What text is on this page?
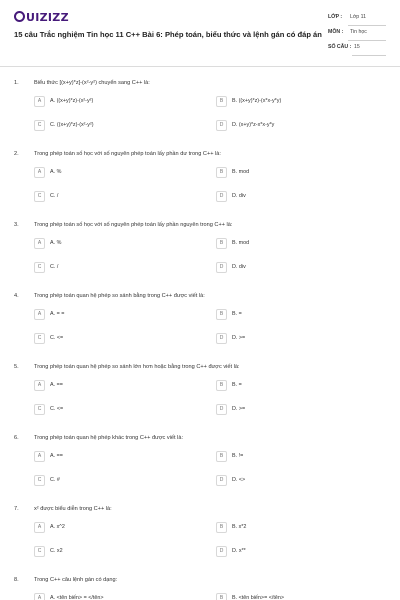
UIZIZZ
15 câu Trắc nghiệm Tin học 11 C++ Bài 6: Phép toán, biểu thức và lệnh gán có đáp án
LỚP : Lớp 11
MÔN : Tin học
SỐ CÂU : 15
1.	Biểu thức [(x+y)*z]-(x²-y²) chuyển sang C++ là:
A	A. ((x+y)*z)-(x²-y²)	B	B. ((x+y)*z)-(x*x-y*y)
C	C. ((x+y)*z)-(x²-y²)	D	D. (x+y)*z-x*x-y*y
2.	Trong phép toán số học với số nguyên phép toán lấy phần dư trong C++ là:
A	A. %	B	B. mod
C	C. /	D	D. div
3.	Trong phép toán số học với số nguyên phép toán lấy phần nguyên trong C++ là:
A	A. %	B	B. mod
C	C. /	D	D. div
4.	Trong phép toán quan hệ phép so sánh bằng trong C++ được viết là:
A	A. = =	B	B. =
C	C. <=	D	D. >=
5.	Trong phép toán quan hệ phép so sánh lớn hơn hoặc bằng trong C++ được viết là:
A	A. ==	B	B. =
C	C. <=	D	D. >=
6.	Trong phép toán quan hệ phép khác trong C++ được viết là:
A	A. ==	B	B. !=
C	C. #	D	D. <>
7.	x² được biểu diễn trong C++ là:
A	A. x^2	B	B. x*2
C	C. x2	D	D. x**
8.	Trong C++ câu lệnh gán có dạng:
A	A. <tên biến> = </tên>	B	B. <tên biến>= </tên>
